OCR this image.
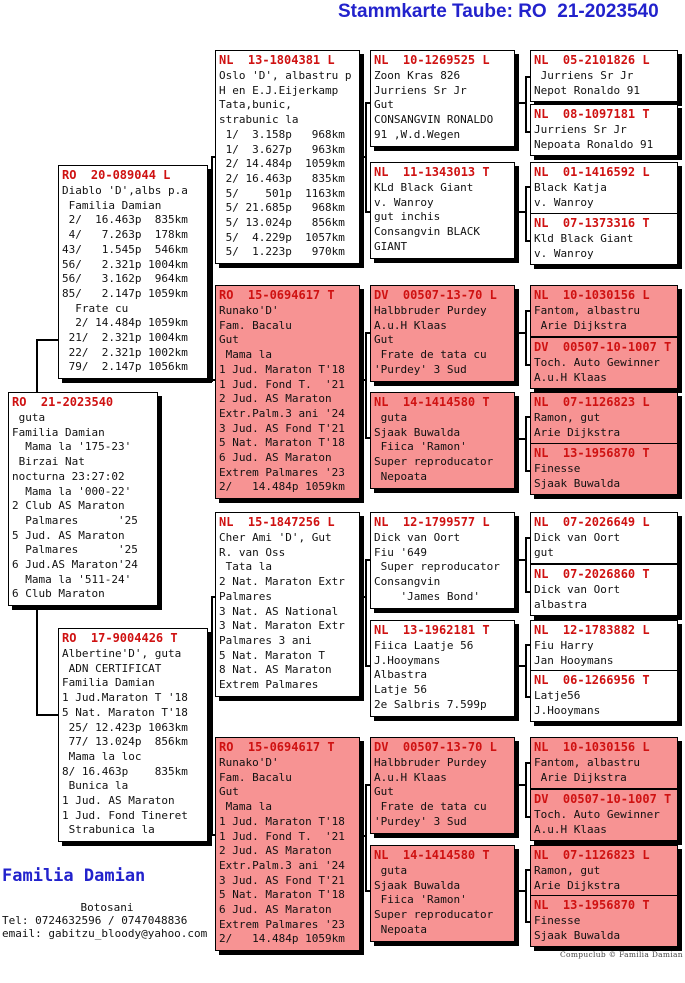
Stammkarte Taube: RO  21-2023540
RO  20-089044 L
Diablo 'D',albs p.a
Familia Damian
2/  16.463p  835km
4/   7.263p  178km
43/   1.545p  546km
56/   2.321p 1004km
56/   3.162p  964km
85/   2.147p 1059km
Frate cu
2/ 14.484p 1059km
21/  2.321p 1004km
22/  2.321p 1002km
79/  2.147p 1056km
RO  21-2023540
guta
Familia Damian
Mama la '175-23'
Birzai Nat
nocturna 23:27:02
Mama la '000-22'
2 Club AS Maraton
Palmares      '25
5 Jud. AS Maraton
Palmares      '25
6 Jud.AS Maraton'24
Mama la '511-24'
6 Club Maraton
RO  17-9004426 T
Albertine'D', guta
ADN CERTIFICAT
Familia Damian
1 Jud.Maraton T '18
5 Nat. Maraton T'18
25/ 12.423p 1063km
77/ 13.024p  856km
Mama la loc
8/ 16.463p    835km
Bunica la
1 Jud. AS Maraton
1 Jud. Fond Tineret
Strabunica la
NL  13-1804381 L
Oslo 'D', albastru p
H en E.J.Eijerkamp
Tata,bunic,
strabunic la
1/  3.158p   968km
1/  3.627p   963km
2/ 14.484p  1059km
2/ 16.463p   835km
5/    501p  1163km
5/ 21.685p   968km
5/ 13.024p   856km
5/  4.229p  1057km
5/  1.223p   970km
RO  15-0694617 T
Runako'D'
Fam. Bacalu
Gut
Mama la
1 Jud. Maraton T'18
1 Jud. Fond T.  '21
2 Jud. AS Maraton
Extr.Palm.3 ani '24
3 Jud. AS Fond T'21
5 Nat. Maraton T'18
6 Jud. AS Maraton
Extrem Palmares '23
2/   14.484p 1059km
NL  15-1847256 L
Cher Ami 'D', Gut
R. van Oss
Tata la
2 Nat. Maraton Extr
Palmares
3 Nat. AS National
3 Nat. Maraton Extr
Palmares 3 ani
5 Nat. Maraton T
8 Nat. AS Maraton
Extrem Palmares
RO  15-0694617 T
Runako'D'
Fam. Bacalu
Gut
Mama la
1 Jud. Maraton T'18
1 Jud. Fond T.  '21
2 Jud. AS Maraton
Extr.Palm.3 ani '24
3 Jud. AS Fond T'21
5 Nat. Maraton T'18
6 Jud. AS Maraton
Extrem Palmares '23
2/   14.484p 1059km
NL  10-1269525 L
Zoon Kras 826
Jurriens Sr Jr
Gut
CONSANGVIN RONALDO
91 ,W.d.Wegen
NL  11-1343013 T
KLd Black Giant
v. Wanroy
gut inchis
Consangvin BLACK
GIANT
DV  00507-13-70 L
Halbbruder Purdey
A.u.H Klaas
Gut
Frate de tata cu
'Purdey' 3 Sud
NL  14-1414580 T
guta
Sjaak Buwalda
Fiica 'Ramon'
Super reproducator
Nepoata
NL  12-1799577 L
Dick van Oort
Fiu '649
Super reproducator
Consangvin
'James Bond'
NL  13-1962181 T
Fiica Laatje 56
J.Hooymans
Albastra
Latje 56
2e Salbris 7.599p
DV  00507-13-70 L
Halbbruder Purdey
A.u.H Klaas
Gut
Frate de tata cu
'Purdey' 3 Sud
NL  14-1414580 T
guta
Sjaak Buwalda
Fiica 'Ramon'
Super reproducator
Nepoata
NL  05-2101826 L
Jurriens Sr Jr
Nepot Ronaldo 91
NL  08-1097181 T
Jurriens Sr Jr
Nepoata Ronaldo 91
NL  01-1416592 L
Black Katja
v. Wanroy
NL  07-1373316 T
Kld Black Giant
v. Wanroy
NL  10-1030156 L
Fantom, albastru
Arie Dijkstra
DV  00507-10-1007 T
Toch. Auto Gewinner
A.u.H Klaas
NL  07-1126823 L
Ramon, gut
Arie Dijkstra
NL  13-1956870 T
Finesse
Sjaak Buwalda
NL  07-2026649 L
Dick van Oort
gut
NL  07-2026860 T
Dick van Oort
albastra
NL  12-1783882 L
Fiu Harry
Jan Hooymans
NL  06-1266956 T
Latje56
J.Hooymans
NL  10-1030156 L
Fantom, albastru
Arie Dijkstra
DV  00507-10-1007 T
Toch. Auto Gewinner
A.u.H Klaas
NL  07-1126823 L
Ramon, gut
Arie Dijkstra
NL  13-1956870 T
Finesse
Sjaak Buwalda
Familia Damian
Botosani
Tel: 0724632596 / 0747048836
email: gabitzu_bloody@yahoo.com
Compuclub © Familia Damian
